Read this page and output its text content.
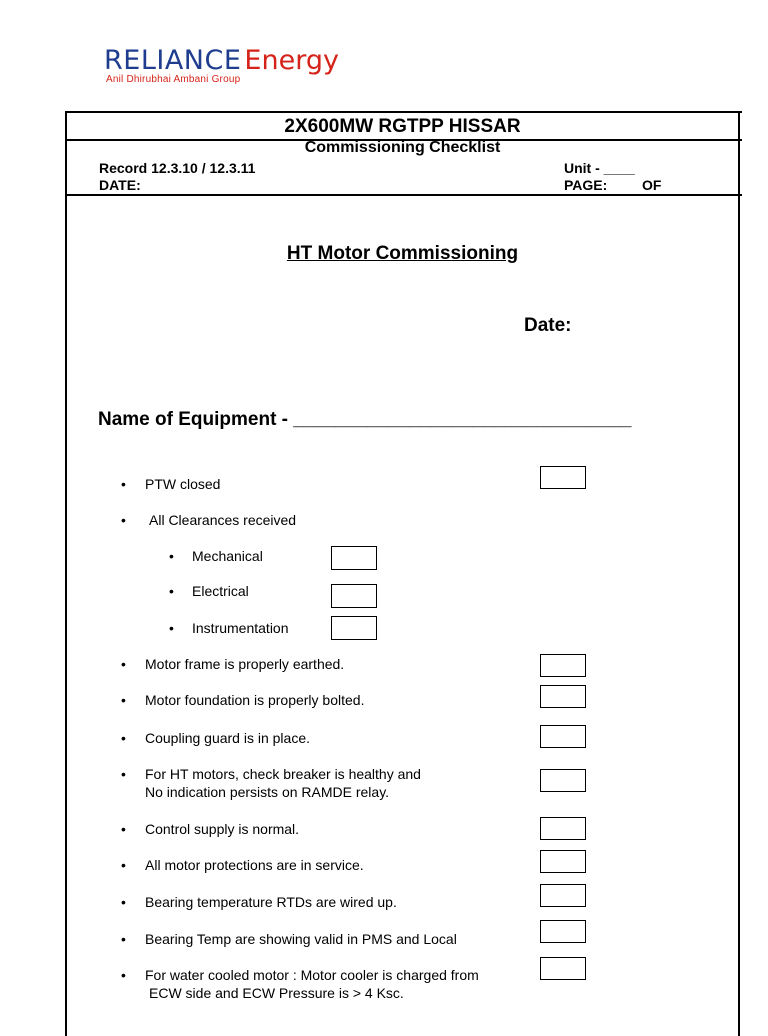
RELIANCE Energy
Anil Dhirubhai Ambani Group
2X600MW RGTPP HISSAR
Commissioning Checklist
Record 12.3.10 / 12.3.11
DATE:
Unit - ____
PAGE: OF
HT Motor Commissioning
Date:
Name of Equipment - ________________________________
• PTW closed
• All Clearances received
• Mechanical
• Electrical
• Instrumentation
• Motor frame is properly earthed.
• Motor foundation is properly bolted.
• Coupling guard is in place.
• For HT motors, check breaker is healthy and
No indication persists on RAMDE relay.
• Control supply is normal.
• All motor protections are in service.
• Bearing temperature RTDs are wired up.
• Bearing Temp are showing valid in PMS and Local
• For water cooled motor : Motor cooler is charged from
ECW side and ECW Pressure is > 4 Ksc.
